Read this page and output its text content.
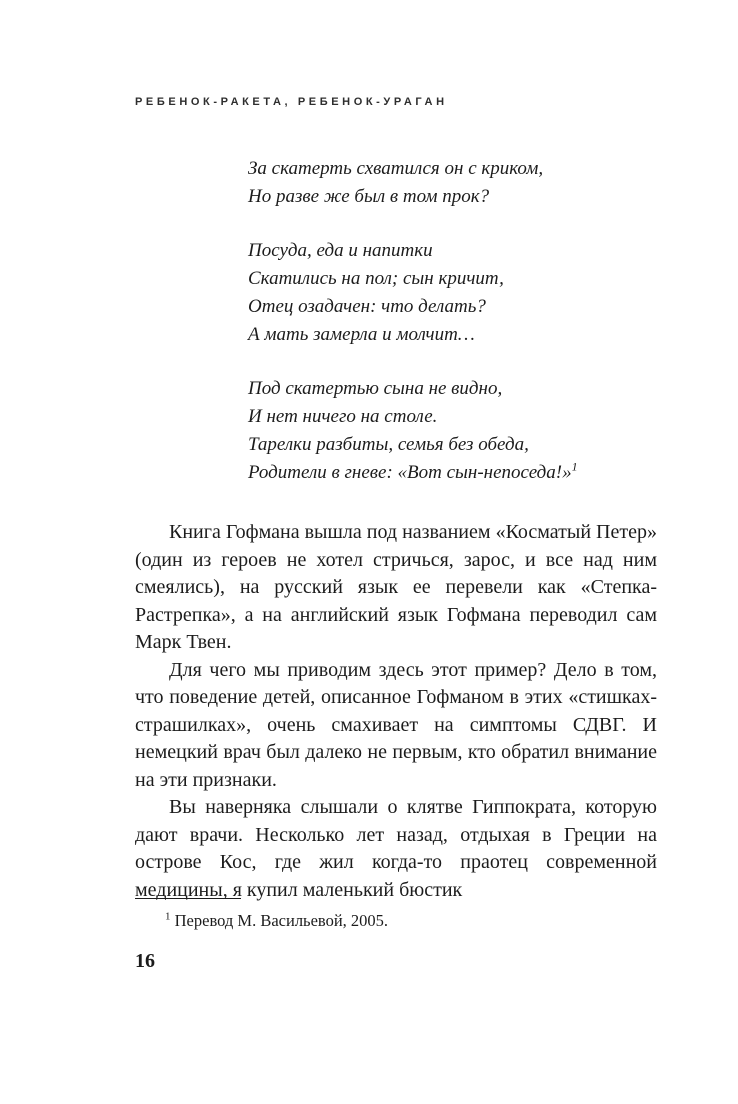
РЕБЕНОК-РАКЕТА, РЕБЕНОК-УРАГАН
За скатерть схватился он с криком,
Но разве же был в том прок?
Посуда, еда и напитки
Скатились на пол; сын кричит,
Отец озадачен: что делать?
А мать замерла и молчит…
Под скатертью сына не видно,
И нет ничего на столе.
Тарелки разбиты, семья без обеда,
Родители в гневе: «Вот сын-непоседа!»$^1$

Книга Гофмана вышла под названием «Косматый Петер» (один из героев не хотел стричься, зарос, и все над ним смеялись), на русский язык ее перевели как «Степка-Растрепка», а на английский язык Гофмана переводил сам Марк Твен.

Для чего мы приводим здесь этот пример? Дело в том, что поведение детей, описанное Гофманом в этих «стишках-страшилках», очень смахивает на симптомы СДВГ. И немецкий врач был далеко не первым, кто обратил внимание на эти признаки.

Вы наверняка слышали о клятве Гиппократа, которую дают врачи. Несколько лет назад, отдыхая в Греции на острове Кос, где жил когда-то праотец современной медицины, я купил маленький бюстик

$^1$ Перевод М. Васильевой, 2005.
16
